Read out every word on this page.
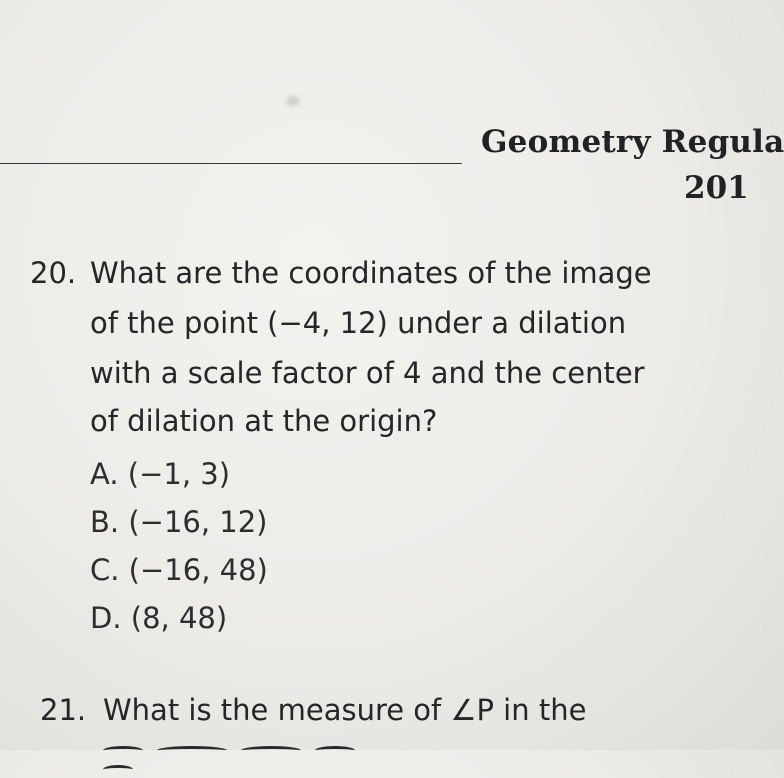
Geometry Regula
201
20. What are the coordinates of the image
of the point (−4, 12) under a dilation
with a scale factor of 4 and the center
of dilation at the origin?
A. (−1, 3)
B. (−16, 12)
C. (−16, 48)
D. (8, 48)
21. What is the measure of ∠P in the
